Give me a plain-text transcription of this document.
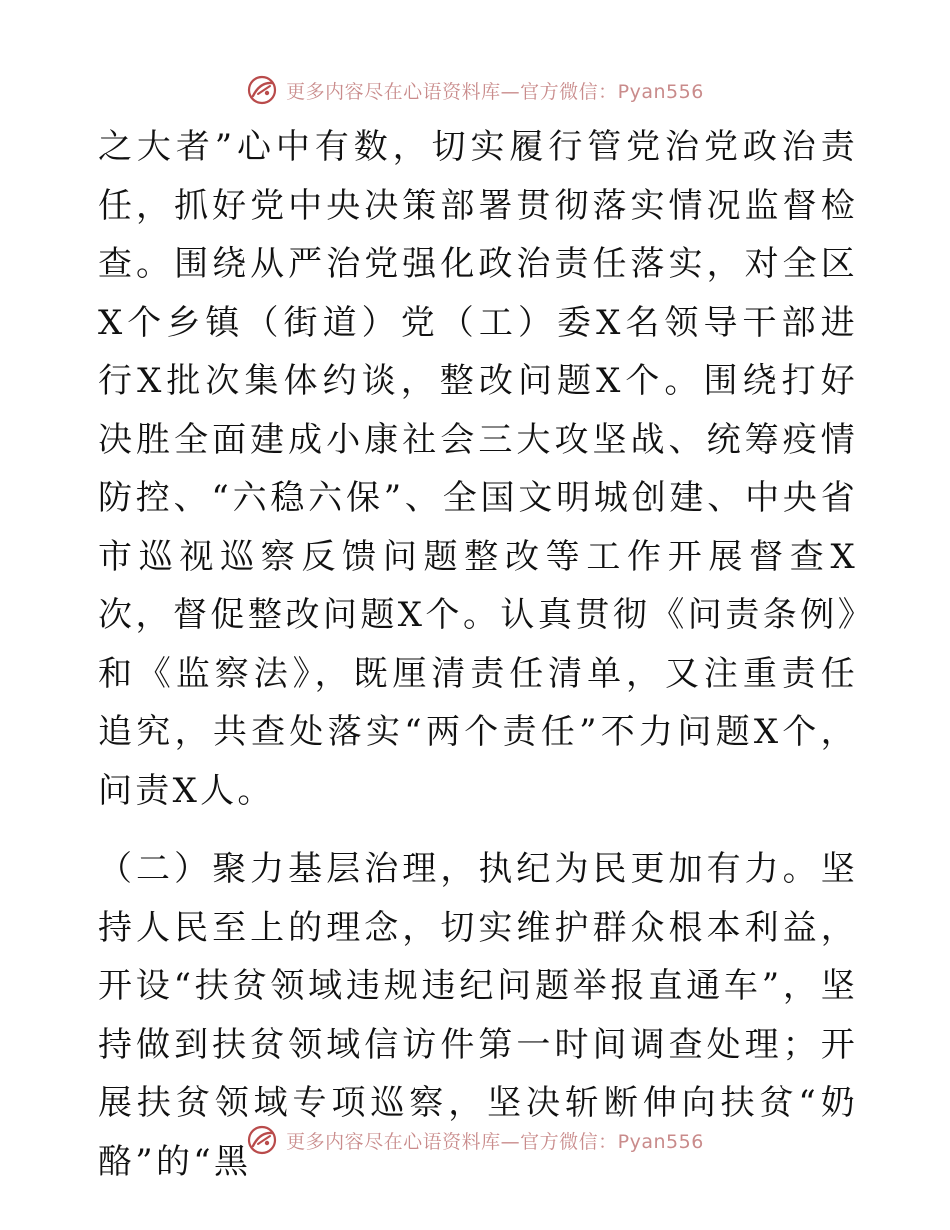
更多内容尽在心语资料库—官方微信：Pyan556

之大者”心中有数，切实履行管党治党政治责任，抓好党中央决策部署贯彻落实情况监督检查。围绕从严治党强化政治责任落实，对全区X个乡镇（街道）党（工）委X名领导干部进行X批次集体约谈，整改问题X个。围绕打好决胜全面建成小康社会三大攻坚战、统筹疫情防控、“六稳六保”、全国文明城创建、中央省市巡视巡察反馈问题整改等工作开展督查X次，督促整改问题X个。认真贯彻《问责条例》和《监察法》，既厘清责任清单，又注重责任追究，共查处落实“两个责任”不力问题X个，问责X人。

（二）聚力基层治理，执纪为民更加有力。坚持人民至上的理念，切实维护群众根本利益，开设“扶贫领域违规违纪问题举报直通车”，坚持做到扶贫领域信访件第一时间调查处理；开展扶贫领域专项巡察，坚决斩断伸向扶贫“奶酪”的“黑	更多内容尽在心语资料库—官方微信：Pyan556
